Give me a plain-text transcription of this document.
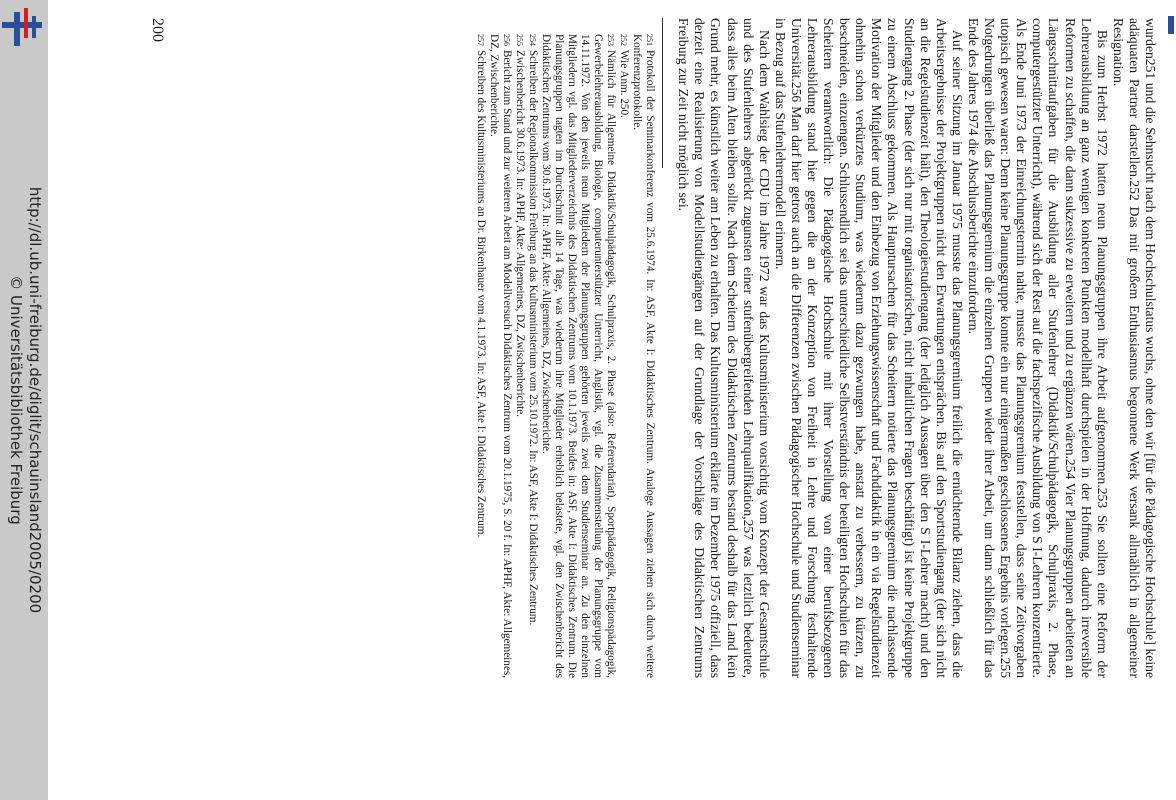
http://dl.ub.uni-freiburg.de/diglit/schauinsland2005/0200
© Universitätsbibliothek Freiburg	wurden251 und die Sehnsucht nach dem Hochschulstatus wuchs, ohne den wir [für die Pädagogische Hochschule] keine adäquaten Partner darstellen.252 Das mit großem Enthusiasmus begonnene Werk versank allmählich in allgemeiner Resignation.

Bis zum Herbst 1972 hatten neun Planungsgruppen ihre Arbeit aufgenommen.253 Sie sollten eine Reform der Lehrerausbildung an ganz wenigen konkreten Punkten modellhaft durchspielen in der Hoffnung, dadurch irreversible Reformen zu schaffen, die dann sukzessive zu erweitern und zu ergänzen wären.254 Vier Planungsgruppen arbeiteten an Längsschnittaufgaben für die Ausbildung aller Stufenlehrer (Didaktik/Schulpädagogik, Schulpraxis, 2. Phase, computergestützter Unterricht), während sich der Rest auf die fachspezifische Ausbildung von S I-Lehrern konzentrierte. Als Ende Juni 1973 der Einreichungstermin nahte, musste das Planungsgremium feststellen, dass seine Zeitvorgaben utopisch gewesen waren: Denn keine Planungsgruppe konnte ein nur einigermaßen geschlossenes Ergebnis vorlegen.255 Notgedrungen überließ das Planungsgremium die einzelnen Gruppen wieder ihrer Arbeit, um dann schließlich für das Ende des Jahres 1974 die Abschlussberichte einzufordern.

Auf seiner Sitzung im Januar 1975 musste das Planungsgremium freilich die ernüchternde Bilanz ziehen, dass die Arbeitsergebnisse der Projektgruppen nicht den Erwartungen entsprächen. Bis auf den Sportstudiengang (der sich nicht an die Regelstudienzeit hält), den Theologiestudiengang (der lediglich Aussagen über den S I-Lehrer macht) und den Studiengang 2. Phase (der sich nur mit organisatorischen, nicht inhaltlichen Fragen beschäftigt) ist keine Projektgruppe zu einem Abschluss gekommen. Als Hauptursachen für das Scheitern notierte das Planungsgremium die nachlassende Motivation der Mitglieder und den Einbezug von Erziehungswissenschaft und Fachdidaktik in ein via Regelstudienzeit ohnehin schon verkürztes Studium, was wiederum dazu gezwungen habe, anstatt zu verbessern, zu kürzen, zu beschneiden, einzuengen. Schlussendlich sei das unterschiedliche Selbstverständnis der beteiligten Hochschulen für das Scheitern verantwortlich: Die Pädagogische Hochschule mit ihrer Vorstellung von einer berufsbezogenen Lehrerausbildung stand hier gegen die an der Konzeption von Freiheit in Lehre und Forschung festhaltende Universität.256 Man darf hier getrost auch an die Differenzen zwischen Pädagogischer Hochschule und Studienseminar in Bezug auf das Stufenlehrermodell erinnern.

Nach dem Wahlsieg der CDU im Jahre 1972 war das Kultusministerium vorsichtig vom Konzept der Gesamtschule und des Stufenlehrers abgerückt zugunsten einer stufenübergreifenden Lehrqualifikation,257 was letztlich bedeutete, dass alles beim Alten bleiben sollte. Nach dem Scheitern des Didaktischen Zentrums bestand deshalb für das Land kein Grund mehr, es künstlich weiter am Leben zu erhalten. Das Kultusministerium erklärte im Dezember 1975 offiziell, dass derzeit eine Realisierung von Modellstudiengängen auf der Grundlage der Vorschläge des Didaktischen Zentrums Freiburg zur Zeit nicht möglich sei.

251Protokoll der Seminarkonferenz vom 25.6.1974. In: ASF, Akte I: Didaktisches Zentrum. Analoge Aussagen ziehen sich durch weitere Konferenzprotokolle.

252Wie Anm. 250.

253Nämlich für Allgemeine Didaktik/Schulpädagogik, Schulpraxis, 2. Phase (also: Referendariat), Sportpädagogik, Religionspädagogik, Gewerbelehrerausbildung, Biologie, computerunterstützter Unterricht, Anglistik, vgl. die Zusammenstellung der Planungsgruppe vom 14.11.1972. Von den jeweils neun Mitgliedern der Planungsgruppen gehörten jeweils zwei dem Studienseminar an. Zu den einzelnen Mitgliedern vgl. das Mitgliederverzeichnis des Didaktischen Zentrums vom 10.1.1973. Beides in: ASF, Akte I: Didaktisches Zentrum. Die Planungsgruppen tagten im Durchschnitt alle 14 Tage, was wiederum ihre Mitglieder erheblich belastete, vgl. den Zwischenbericht des Didaktischen Zentrums vom 30.6.1973. In: APHF, Akte: Allgemeines, DZ, Zwischenberichte.

254Schreiben der Regionalkommission Freiburg an das Kultusministerium vom 25.10.1972. In: ASF, Akte I: Didaktisches Zentrum.

255Zwischenbericht 30.6.1973. In: APHF, Akte: Allgemeines, DZ, Zwischenberichte.

256Bericht zum Stand und zur weiteren Arbeit am Modellversuch Didaktisches Zentrum vom 20.1.1975, S. 20 f. In: APHF, Akte: Allgemeines, DZ, Zwischenberichte.

257Schreiben des Kultusministeriums an Dr. Birkenhauer vom 4.1.1973. In: ASF, Akte I: Didaktisches Zentrum.

200
